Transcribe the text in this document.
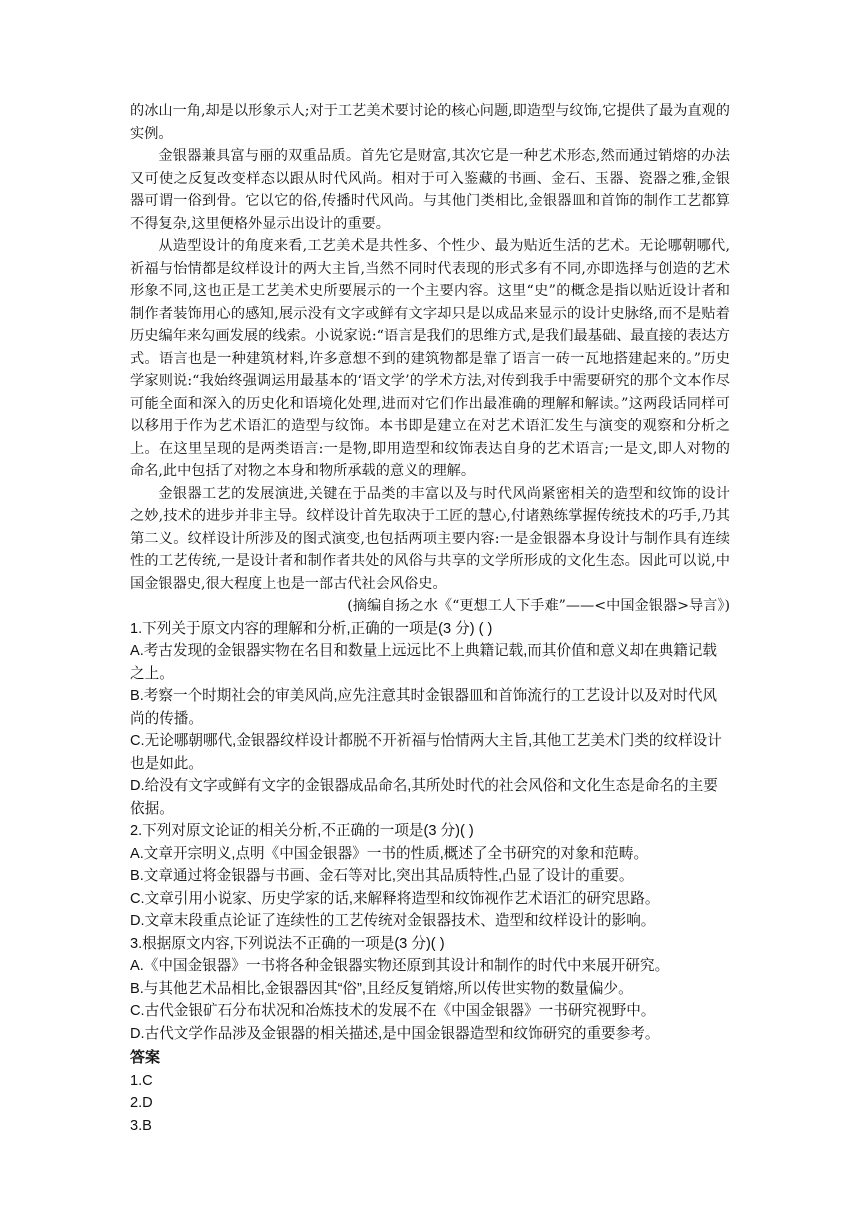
的冰山一角,却是以形象示人;对于工艺美术要讨论的核心问题,即造型与纹饰,它提供了最为直观的实例。

金银器兼具富与丽的双重品质。首先它是财富,其次它是一种艺术形态,然而通过销熔的办法又可使之反复改变样态以跟从时代风尚。相对于可入鉴藏的书画、金石、玉器、瓷器之雅,金银器可谓一俗到骨。它以它的俗,传播时代风尚。与其他门类相比,金银器皿和首饰的制作工艺都算不得复杂,这里便格外显示出设计的重要。

从造型设计的角度来看,工艺美术是共性多、个性少、最为贴近生活的艺术。无论哪朝哪代,祈福与怡情都是纹样设计的两大主旨,当然不同时代表现的形式多有不同,亦即选择与创造的艺术形象不同,这也正是工艺美术史所要展示的一个主要内容。这里“史”的概念是指以贴近设计者和制作者装饰用心的感知,展示没有文字或鲜有文字却只是以成品来显示的设计史脉络,而不是贴着历史编年来勾画发展的线索。小说家说:“语言是我们的思维方式,是我们最基础、最直接的表达方式。语言也是一种建筑材料,许多意想不到的建筑物都是靠了语言一砖一瓦地搭建起来的。”历史学家则说:“我始终强调运用最基本的‘语文学’的学术方法,对传到我手中需要研究的那个文本作尽可能全面和深入的历史化和语境化处理,进而对它们作出最准确的理解和解读。”这两段话同样可以移用于作为艺术语汇的造型与纹饰。本书即是建立在对艺术语汇发生与演变的观察和分析之上。在这里呈现的是两类语言:一是物,即用造型和纹饰表达自身的艺术语言;一是文,即人对物的命名,此中包括了对物之本身和物所承载的意义的理解。

金银器工艺的发展演进,关键在于品类的丰富以及与时代风尚紧密相关的造型和纹饰的设计之妙,技术的进步并非主导。纹样设计首先取决于工匠的慧心,付诸熟练掌握传统技术的巧手,乃其第二义。纹样设计所涉及的图式演变,也包括两项主要内容:一是金银器本身设计与制作具有连续性的工艺传统,一是设计者和制作者共处的风俗与共享的文学所形成的文化生态。因此可以说,中国金银器史,很大程度上也是一部古代社会风俗史。

(摘编自扬之水《“更想工人下手难”——<中国金银器>导言》)

1.下列关于原文内容的理解和分析,正确的一项是(3 分) ( )

A.考古发现的金银器实物在名目和数量上远远比不上典籍记载,而其价值和意义却在典籍记载之上。

B.考察一个时期社会的审美风尚,应先注意其时金银器皿和首饰流行的工艺设计以及对时代风尚的传播。

C.无论哪朝哪代,金银器纹样设计都脱不开祈福与怡情两大主旨,其他工艺美术门类的纹样设计也是如此。

D.给没有文字或鲜有文字的金银器成品命名,其所处时代的社会风俗和文化生态是命名的主要依据。

2.下列对原文论证的相关分析,不正确的一项是(3 分)( )

A.文章开宗明义,点明《中国金银器》一书的性质,概述了全书研究的对象和范畴。

B.文章通过将金银器与书画、金石等对比,突出其品质特性,凸显了设计的重要。

C.文章引用小说家、历史学家的话,来解释将造型和纹饰视作艺术语汇的研究思路。

D.文章末段重点论证了连续性的工艺传统对金银器技术、造型和纹样设计的影响。

3.根据原文内容,下列说法不正确的一项是(3 分)( )

A.《中国金银器》一书将各种金银器实物还原到其设计和制作的时代中来展开研究。

B.与其他艺术品相比,金银器因其“俗”,且经反复销熔,所以传世实物的数量偏少。

C.古代金银矿石分布状况和冶炼技术的发展不在《中国金银器》一书研究视野中。

D.古代文学作品涉及金银器的相关描述,是中国金银器造型和纹饰研究的重要参考。

答案

1.C

2.D

3.B
